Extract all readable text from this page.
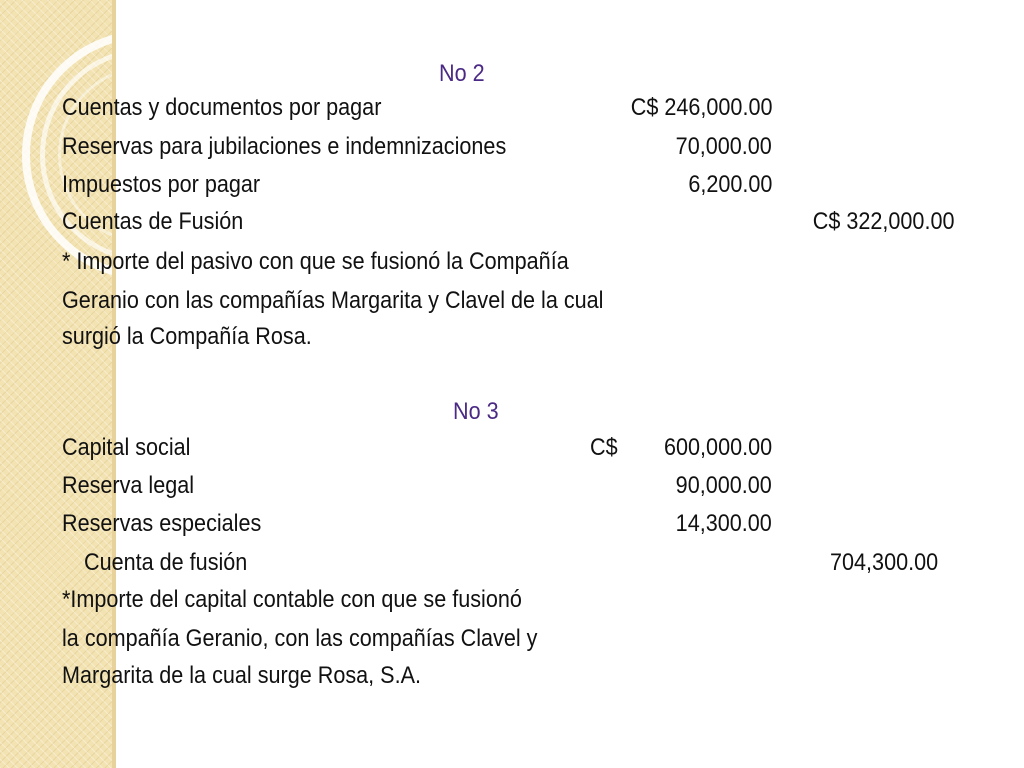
No 2
Cuentas y documentos por pagar	C$ 246,000.00
Reservas para jubilaciones e indemnizaciones	70,000.00
Impuestos por pagar	6,200.00
Cuentas de Fusión	C$ 322,000.00
* Importe del pasivo con que se fusionó la Compañía
Geranio con las compañías Margarita y Clavel de la cual
surgió la Compañía Rosa.
No 3
Capital social	C$ 600,000.00
Reserva legal	90,000.00
Reservas especiales	14,300.00
Cuenta de fusión	704,300.00
*Importe del capital contable con que se fusionó
la compañía Geranio, con las compañías Clavel y
Margarita de la cual surge Rosa, S.A.
